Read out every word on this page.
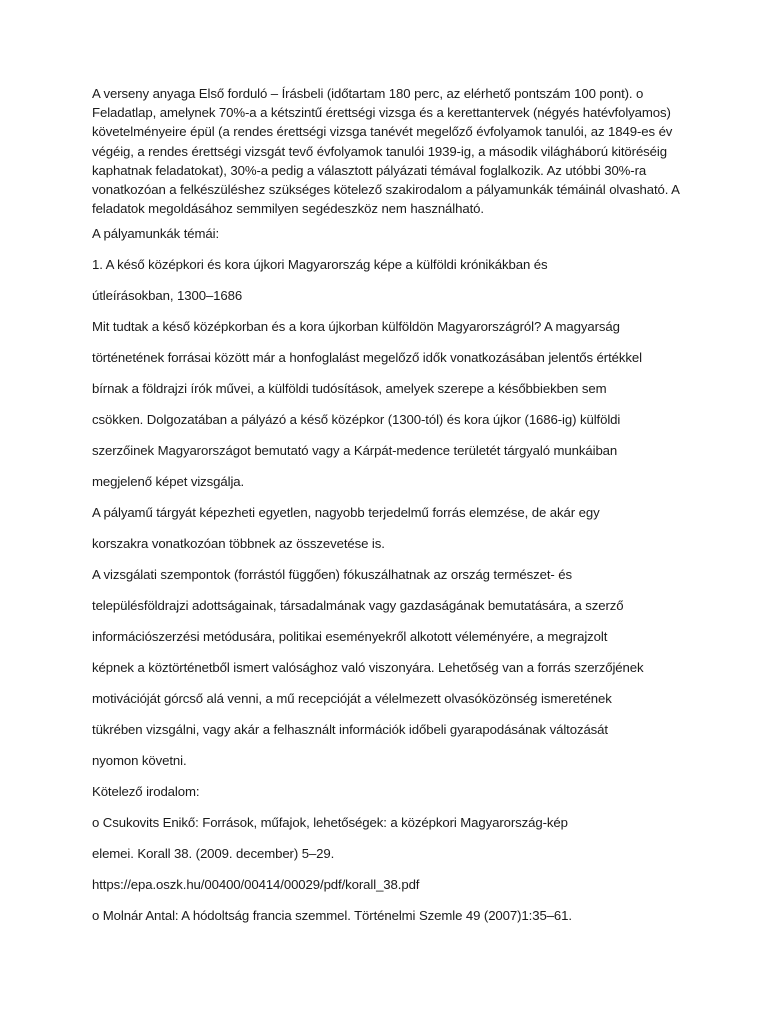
A verseny anyaga Első forduló – Írásbeli (időtartam 180 perc, az elérhető pontszám 100 pont). o
Feladatlap, amelynek 70%-a a kétszintű érettségi vizsga és a kerettantervek (négyés hatévfolyamos)
követelményeire épül (a rendes érettségi vizsga tanévét megelőző évfolyamok tanulói, az 1849-es év
végéig, a rendes érettségi vizsgát tevő évfolyamok tanulói 1939-ig, a második világháború kitöréséig
kaphatnak feladatokat), 30%-a pedig a választott pályázati témával foglalkozik. Az utóbbi 30%-ra
vonatkozóan a felkészüléshez szükséges kötelező szakirodalom a pályamunkák témáinál olvasható. A
feladatok megoldásához semmilyen segédeszköz nem használható.
A pályamunkák témái:
1. A késő középkori és kora újkori Magyarország képe a külföldi krónikákban és
útleírásokban, 1300–1686
Mit tudtak a késő középkorban és a kora újkorban külföldön Magyarországról? A magyarság
történetének forrásai között már a honfoglalást megelőző idők vonatkozásában jelentős értékkel
bírnak a földrajzi írók művei, a külföldi tudósítások, amelyek szerepe a későbbiekben sem
csökken. Dolgozatában a pályázó a késő középkor (1300-tól) és kora újkor (1686-ig) külföldi
szerzőinek Magyarországot bemutató vagy a Kárpát-medence területét tárgyaló munkáiban
megjelenő képet vizsgálja.
A pályamű tárgyát képezheti egyetlen, nagyobb terjedelmű forrás elemzése, de akár egy
korszakra vonatkozóan többnek az összevetése is.
A vizsgálati szempontok (forrástól függően) fókuszálhatnak az ország természet- és
településföldrajzi adottságainak, társadalmának vagy gazdaságának bemutatására, a szerző
információszerzési metódusára, politikai eseményekről alkotott véleményére, a megrajzolt
képnek a köztörténetből ismert valósághoz való viszonyára. Lehetőség van a forrás szerzőjének
motivációját górcső alá venni, a mű recepcióját a vélelmezett olvasóközönség ismeretének
tükrében vizsgálni, vagy akár a felhasznált információk időbeli gyarapodásának változását
nyomon követni.
Kötelező irodalom:
o Csukovits Enikő: Források, műfajok, lehetőségek: a középkori Magyarország-kép
elemei. Korall 38. (2009. december) 5–29.
https://epa.oszk.hu/00400/00414/00029/pdf/korall_38.pdf
o Molnár Antal: A hódoltság francia szemmel. Történelmi Szemle 49 (2007)1:35–61.
